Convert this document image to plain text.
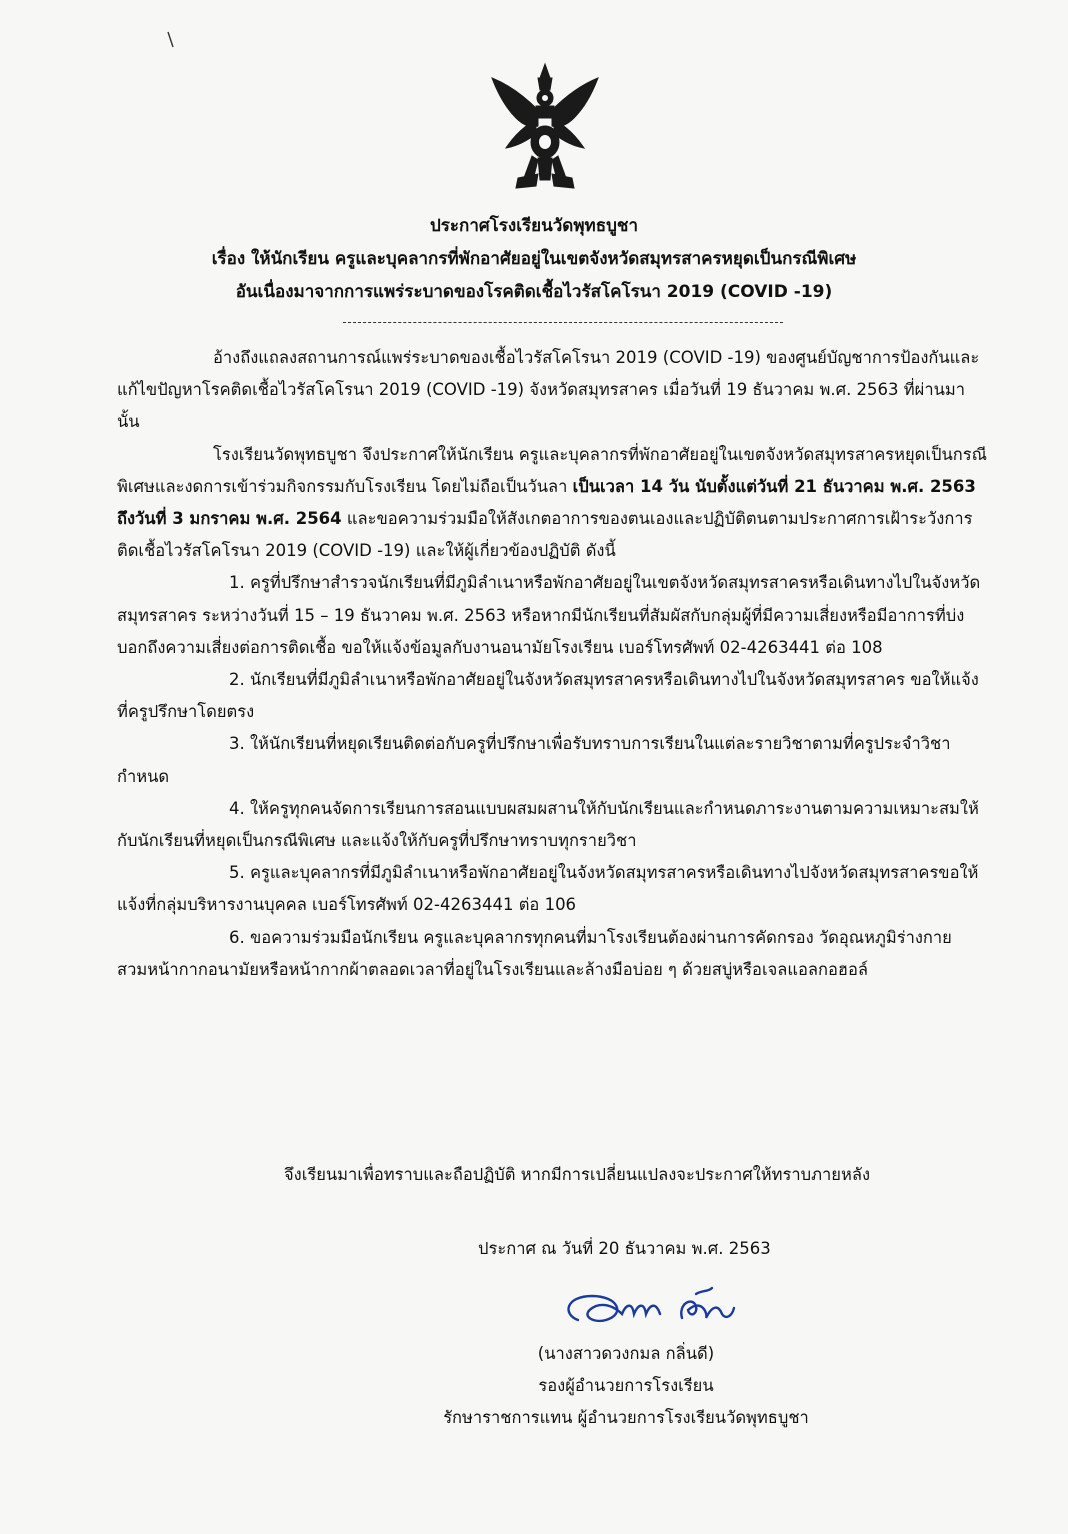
ประกาศโรงเรียนวัดพุทธบูชา
เรื่อง ให้นักเรียน ครูและบุคลากรที่พักอาศัยอยู่ในเขตจังหวัดสมุทรสาครหยุดเป็นกรณีพิเศษ
อันเนื่องมาจากการแพร่ระบาดของโรคติดเชื้อไวรัสโคโรนา 2019 (COVID -19)

อ้างถึงแถลงสถานการณ์แพร่ระบาดของเชื้อไวรัสโคโรนา 2019 (COVID -19) ของศูนย์บัญชาการป้องกันและแก้ไขปัญหาโรคติดเชื้อไวรัสโคโรนา 2019 (COVID -19) จังหวัดสมุทรสาคร เมื่อวันที่ 19 ธันวาคม พ.ศ. 2563 ที่ผ่านมานั้น

โรงเรียนวัดพุทธบูชา จึงประกาศให้นักเรียน ครูและบุคลากรที่พักอาศัยอยู่ในเขตจังหวัดสมุทรสาครหยุดเป็นกรณีพิเศษและงดการเข้าร่วมกิจกรรมกับโรงเรียน โดยไม่ถือเป็นวันลา เป็นเวลา 14 วัน นับตั้งแต่วันที่ 21 ธันวาคม พ.ศ. 2563 ถึงวันที่ 3 มกราคม พ.ศ. 2564 และขอความร่วมมือให้สังเกตอาการของตนเองและปฏิบัติตนตามประกาศการเฝ้าระวังการติดเชื้อไวรัสโคโรนา 2019 (COVID -19) และให้ผู้เกี่ยวข้องปฏิบัติ ดังนี้

1. ครูที่ปรึกษาสำรวจนักเรียนที่มีภูมิลำเนาหรือพักอาศัยอยู่ในเขตจังหวัดสมุทรสาครหรือเดินทางไปในจังหวัดสมุทรสาคร ระหว่างวันที่ 15 – 19 ธันวาคม พ.ศ. 2563 หรือหากมีนักเรียนที่สัมผัสกับกลุ่มผู้ที่มีความเสี่ยงหรือมีอาการที่บ่งบอกถึงความเสี่ยงต่อการติดเชื้อ ขอให้แจ้งข้อมูลกับงานอนามัยโรงเรียน เบอร์โทรศัพท์ 02-4263441 ต่อ 108

2. นักเรียนที่มีภูมิลำเนาหรือพักอาศัยอยู่ในจังหวัดสมุทรสาครหรือเดินทางไปในจังหวัดสมุทรสาคร ขอให้แจ้งที่ครูปรึกษาโดยตรง

3. ให้นักเรียนที่หยุดเรียนติดต่อกับครูที่ปรึกษาเพื่อรับทราบการเรียนในแต่ละรายวิชาตามที่ครูประจำวิชากำหนด

4. ให้ครูทุกคนจัดการเรียนการสอนแบบผสมผสานให้กับนักเรียนและกำหนดภาระงานตามความเหมาะสมให้กับนักเรียนที่หยุดเป็นกรณีพิเศษ และแจ้งให้กับครูที่ปรึกษาทราบทุกรายวิชา

5. ครูและบุคลากรที่มีภูมิลำเนาหรือพักอาศัยอยู่ในจังหวัดสมุทรสาครหรือเดินทางไปจังหวัดสมุทรสาครขอให้แจ้งที่กลุ่มบริหารงานบุคคล เบอร์โทรศัพท์ 02-4263441 ต่อ 106

6. ขอความร่วมมือนักเรียน ครูและบุคลากรทุกคนที่มาโรงเรียนต้องผ่านการคัดกรอง วัดอุณหภูมิร่างกาย สวมหน้ากากอนามัยหรือหน้ากากผ้าตลอดเวลาที่อยู่ในโรงเรียนและล้างมือบ่อย ๆ ด้วยสบู่หรือเจลแอลกอฮอล์

จึงเรียนมาเพื่อทราบและถือปฏิบัติ หากมีการเปลี่ยนแปลงจะประกาศให้ทราบภายหลัง
ประกาศ ณ วันที่ 20 ธันวาคม พ.ศ. 2563
(นางสาวดวงกมล กลิ่นดี)
รองผู้อำนวยการโรงเรียน
รักษาราชการแทน ผู้อำนวยการโรงเรียนวัดพุทธบูชา
